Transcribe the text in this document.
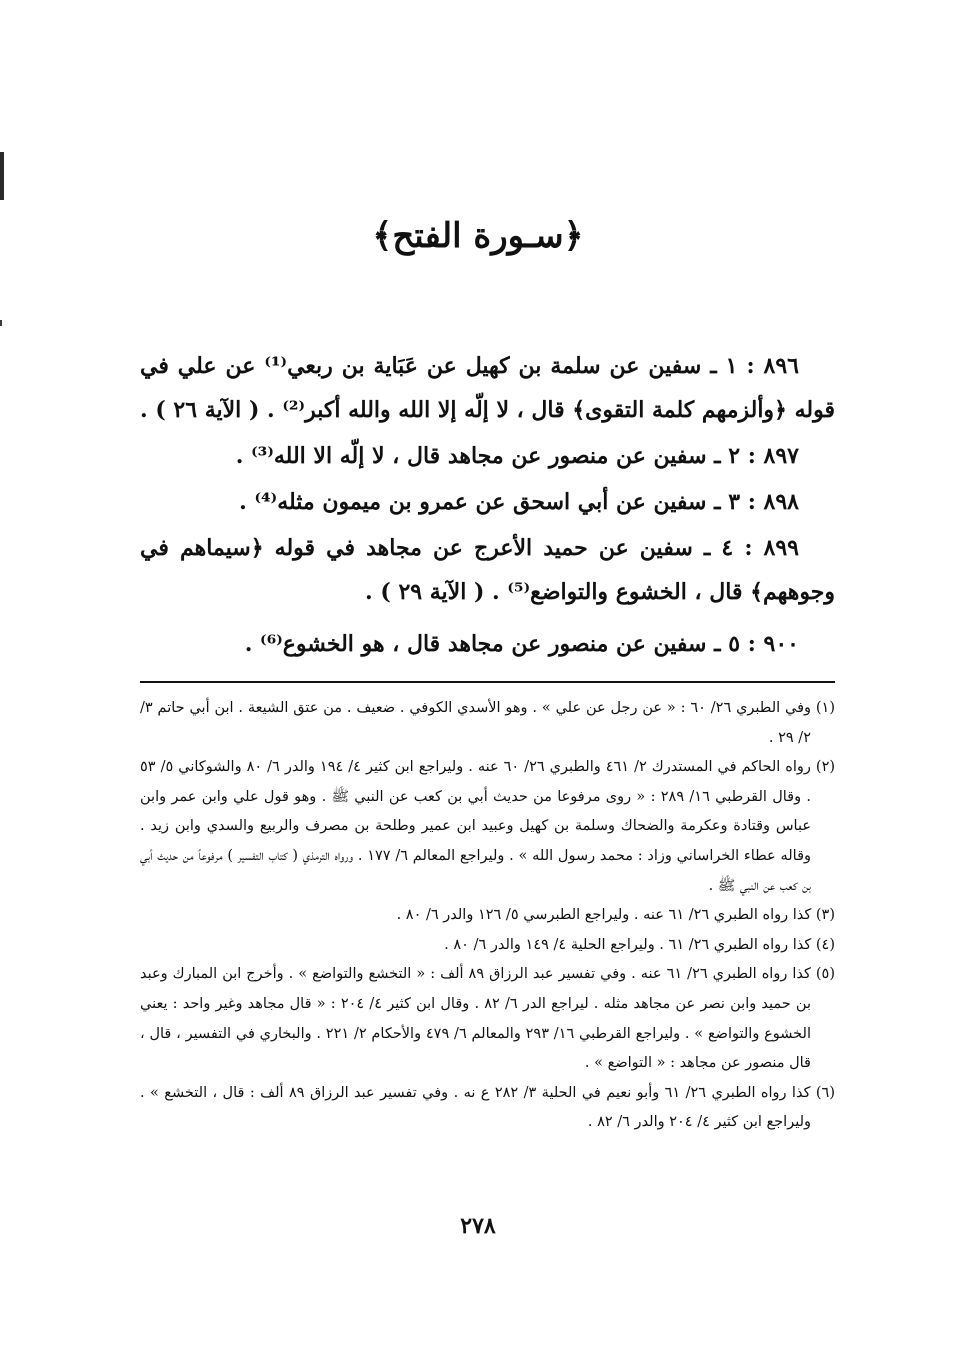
﴿سـورة الفتح﴾

٨٩٦ : ١ ـ سفين عن سلمة بن كهيل عن عَبَاية بن ربعي⁽¹⁾ عن علي في قوله ﴿وألزمهم كلمة التقوى﴾ قال ، لا إلّه إلا الله والله أكبر⁽²⁾ . ( الآية ٢٦ ) .

٨٩٧ : ٢ ـ سفين عن منصور عن مجاهد قال ، لا إلّه الا الله⁽³⁾ .

٨٩٨ : ٣ ـ سفين عن أبي اسحق عن عمرو بن ميمون مثله⁽⁴⁾ .

٨٩٩ : ٤ ـ سفين عن حميد الأعرج عن مجاهد في قوله ﴿سيماهم في وجوههم﴾ قال ، الخشوع والتواضع⁽⁵⁾ . ( الآية ٢٩ ) .

٩٠٠ : ٥ ـ سفين عن منصور عن مجاهد قال ، هو الخشوع⁽⁶⁾ .

(١) وفي الطبري ٢٦/ ٦٠ : « عن رجل عن علي » . وهو الأسدي الكوفي . ضعيف . من عتق الشيعة . ابن أبي حاتم ٣/ ٢/ ٢٩ .

(٢) رواه الحاكم في المستدرك ٢/ ٤٦١ والطبري ٢٦/ ٦٠ عنه . وليراجع ابن كثير ٤/ ١٩٤ والدر ٦/ ٨٠ والشوكاني ٥/ ٥٣ . وقال القرطبي ١٦/ ٢٨٩ : « روى مرفوعا من حديث أبي بن كعب عن النبي ﷺ . وهو قول علي وابن عمر وابن عباس وقتادة وعكرمة والضحاك وسلمة بن كهيل وعبيد ابن عمير وطلحة بن مصرف والربيع والسدي وابن زيد . وقاله عطاء الخراساني وزاد : محمد رسول الله » . وليراجع المعالم ٦/ ١٧٧ . ورواه الترمذي ( كتاب التفسير ) مرفوعاً من حديث أبي بن كعب عن النبي ﷺ .

(٣) كذا رواه الطبري ٢٦/ ٦١ عنه . وليراجع الطبرسي ٥/ ١٢٦ والدر ٦/ ٨٠ .

(٤) كذا رواه الطبري ٢٦/ ٦١ . وليراجع الحلية ٤/ ١٤٩ والدر ٦/ ٨٠ .

(٥) كذا رواه الطبري ٢٦/ ٦١ عنه . وفي تفسير عبد الرزاق ٨٩ ألف : « التخشع والتواضع » . وأخرج ابن المبارك وعبد بن حميد وابن نصر عن مجاهد مثله . ليراجع الدر ٦/ ٨٢ . وقال ابن كثير ٤/ ٢٠٤ : « قال مجاهد وغير واحد : يعني الخشوع والتواضع » . وليراجع القرطبي ١٦/ ٢٩٣ والمعالم ٦/ ٤٧٩ والأحكام ٢/ ٢٢١ . والبخاري في التفسير ، قال ، قال منصور عن مجاهد : « التواضع » .

(٦) كذا رواه الطبري ٢٦/ ٦١ وأبو نعيم في الحلية ٣/ ٢٨٢ ع نه . وفي تفسير عبد الرزاق ٨٩ ألف : قال ، التخشع » . وليراجع ابن كثير ٤/ ٢٠٤ والدر ٦/ ٨٢ .

٢٧٨
